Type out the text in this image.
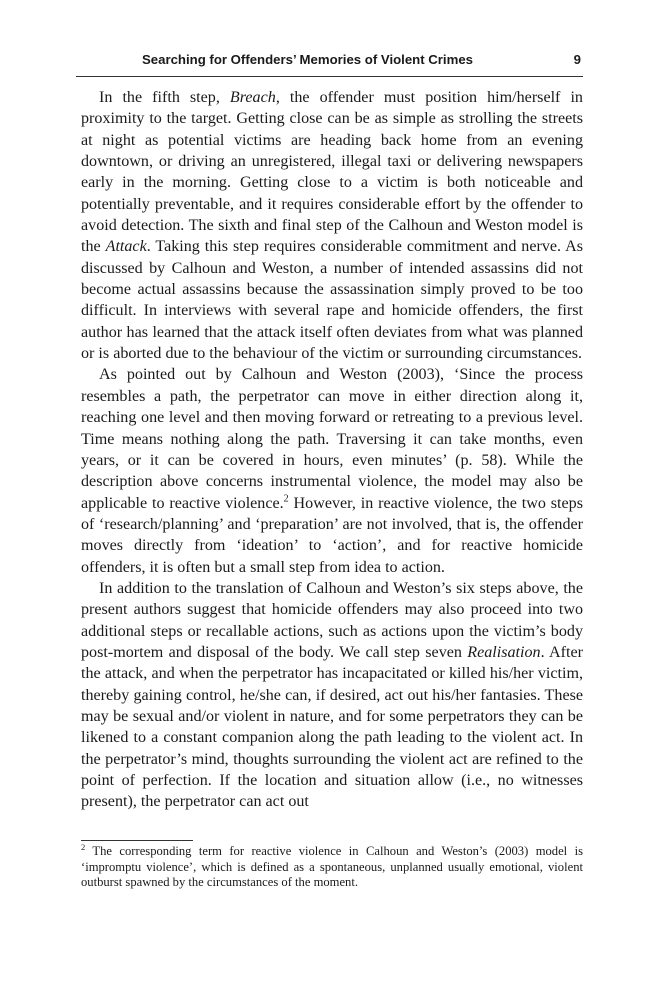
Searching for Offenders’ Memories of Violent Crimes	9

In the fifth step, Breach, the offender must position him/herself in proximity to the target. Getting close can be as simple as strolling the streets at night as potential victims are heading back home from an evening downtown, or driving an unregistered, illegal taxi or delivering newspapers early in the morning. Getting close to a victim is both noticeable and potentially preventable, and it requires considerable effort by the offender to avoid detection. The sixth and final step of the Calhoun and Weston model is the Attack. Taking this step requires considerable commitment and nerve. As discussed by Calhoun and Weston, a number of intended assassins did not become actual assassins because the assassination simply proved to be too difficult. In interviews with several rape and homicide offenders, the first author has learned that the attack itself often deviates from what was planned or is aborted due to the behaviour of the victim or surrounding circumstances.

As pointed out by Calhoun and Weston (2003), ‘Since the process resembles a path, the perpetrator can move in either direction along it, reaching one level and then moving forward or retreating to a previous level. Time means nothing along the path. Traversing it can take months, even years, or it can be covered in hours, even minutes’ (p. 58). While the description above concerns instrumental violence, the model may also be applicable to reactive violence.$^2$ However, in reactive violence, the two steps of ‘research/planning’ and ‘preparation’ are not involved, that is, the offender moves directly from ‘ideation’ to ‘action’, and for reactive homicide offenders, it is often but a small step from idea to action.

In addition to the translation of Calhoun and Weston’s six steps above, the present authors suggest that homicide offenders may also proceed into two additional steps or recallable actions, such as actions upon the victim’s body post-mortem and disposal of the body. We call step seven Realisation. After the attack, and when the perpetrator has incapacitated or killed his/her victim, thereby gaining control, he/she can, if desired, act out his/her fantasies. These may be sexual and/or violent in nature, and for some perpetrators they can be likened to a constant companion along the path leading to the violent act. In the perpetrator’s mind, thoughts surrounding the violent act are refined to the point of perfection. If the location and situation allow (i.e., no witnesses present), the perpetrator can act out

$^2$ The corresponding term for reactive violence in Calhoun and Weston’s (2003) model is ‘impromptu violence’, which is defined as a spontaneous, unplanned usually emotional, violent outburst spawned by the circumstances of the moment.
